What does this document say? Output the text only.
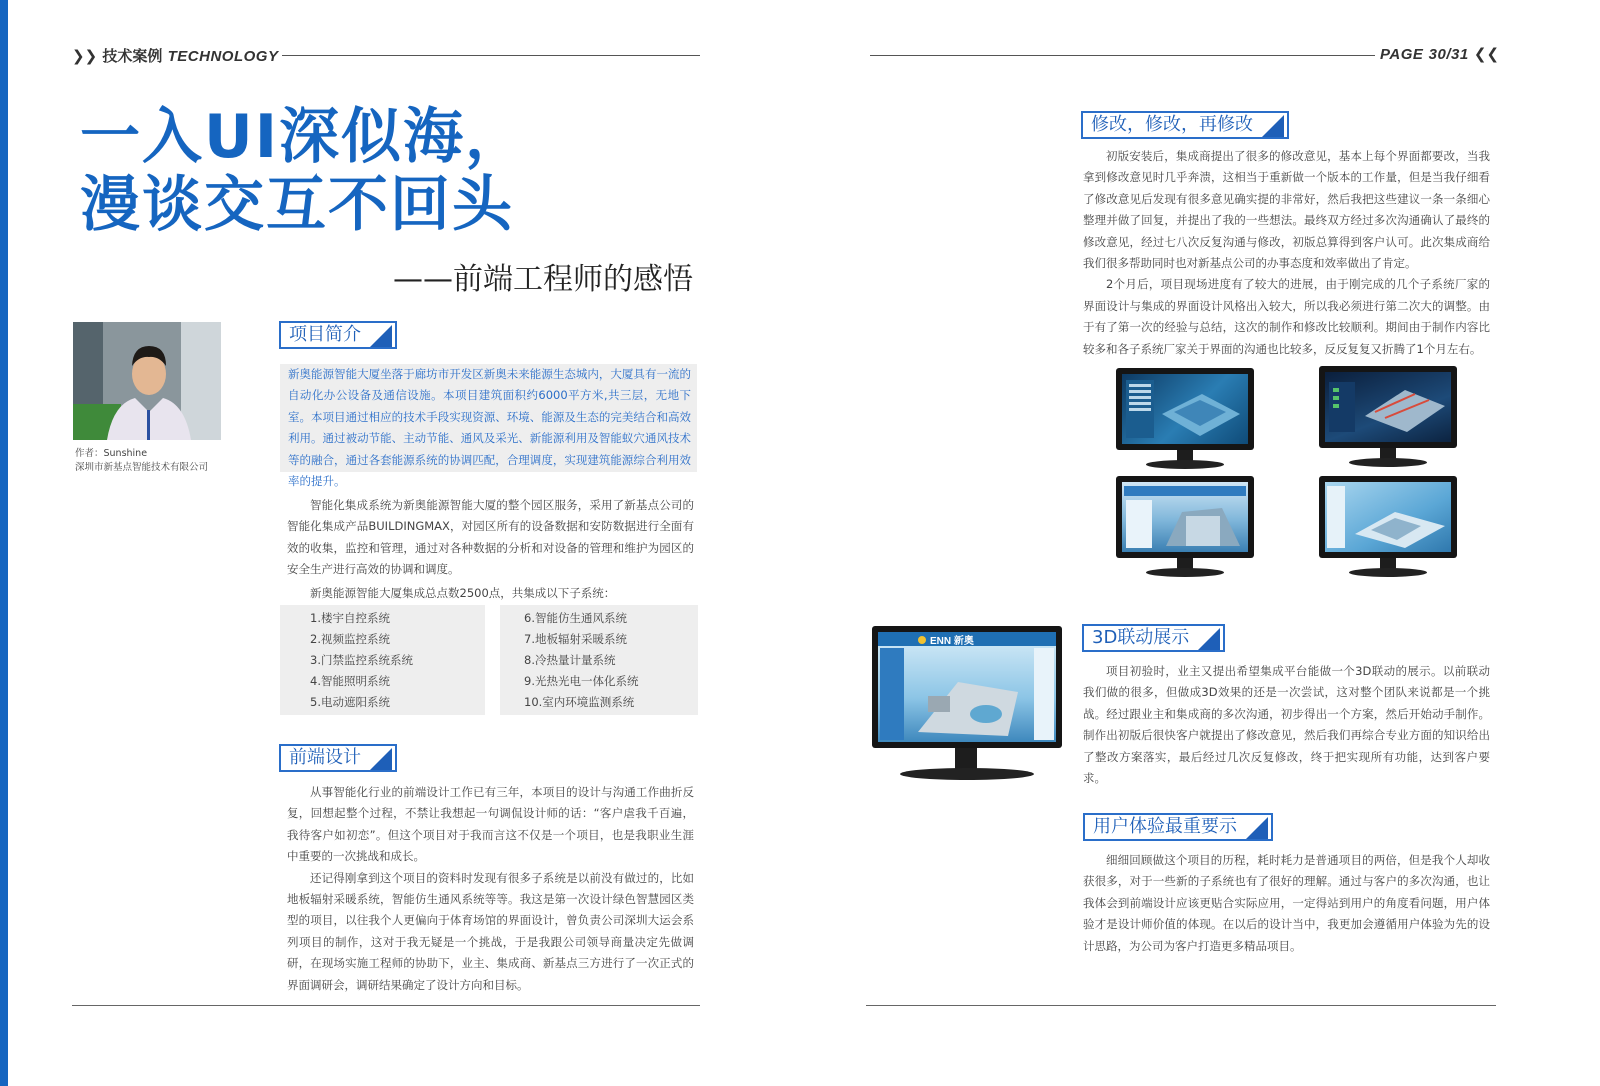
❯❯ 技术案例 TECHNOLOGY	PAGE 30/31 ❮❮
一入UI深似海，
漫谈交互不回头
——前端工程师的感悟
作者：Sunshine
深圳市新基点智能技术有限公司
项目简介
新奥能源智能大厦坐落于廊坊市开发区新奥未来能源生态城内，大厦具有一流的自动化办公设备及通信设施。本项目建筑面积约6000平方米,共三层，无地下室。本项目通过相应的技术手段实现资源、环境、能源及生态的完美结合和高效利用。通过被动节能、主动节能、通风及采光、新能源利用及智能蚁穴通风技术等的融合，通过各套能源系统的协调匹配，合理调度，实现建筑能源综合利用效率的提升。

智能化集成系统为新奥能源智能大厦的整个园区服务，采用了新基点公司的智能化集成产品BUILDINGMAX，对园区所有的设备数据和安防数据进行全面有效的收集，监控和管理，通过对各种数据的分析和对设备的管理和维护为园区的安全生产进行高效的协调和调度。

新奥能源智能大厦集成总点数2500点，共集成以下子系统：

1.楼宇自控系统
2.视频监控系统
3.门禁监控系统系统
4.智能照明系统
5.电动遮阳系统
6.智能仿生通风系统
7.地板辐射采暖系统
8.冷热量计量系统
9.光热光电一体化系统
10.室内环境监测系统
前端设计

从事智能化行业的前端设计工作已有三年，本项目的设计与沟通工作曲折反复，回想起整个过程，不禁让我想起一句调侃设计师的话：“客户虐我千百遍，我待客户如初恋”。但这个项目对于我而言这不仅是一个项目，也是我职业生涯中重要的一次挑战和成长。

还记得刚拿到这个项目的资料时发现有很多子系统是以前没有做过的，比如地板辐射采暖系统，智能仿生通风系统等等。我这是第一次设计绿色智慧园区类型的项目，以往我个人更偏向于体育场馆的界面设计，曾负责公司深圳大运会系列项目的制作，这对于我无疑是一个挑战，于是我跟公司领导商量决定先做调研，在现场实施工程师的协助下，业主、集成商、新基点三方进行了一次正式的界面调研会，调研结果确定了设计方向和目标。

修改，修改，再修改

初版安装后，集成商提出了很多的修改意见，基本上每个界面都要改，当我拿到修改意见时几乎奔溃，这相当于重新做一个版本的工作量，但是当我仔细看了修改意见后发现有很多意见确实提的非常好，然后我把这些建议一条一条细心整理并做了回复，并提出了我的一些想法。最终双方经过多次沟通确认了最终的修改意见，经过七八次反复沟通与修改，初版总算得到客户认可。此次集成商给我们很多帮助同时也对新基点公司的办事态度和效率做出了肯定。

2个月后，项目现场进度有了较大的进展，由于刚完成的几个子系统厂家的界面设计与集成的界面设计风格出入较大，所以我必须进行第二次大的调整。由于有了第一次的经验与总结，这次的制作和修改比较顺利。期间由于制作内容比较多和各子系统厂家关于界面的沟通也比较多，反反复复又折腾了1个月左右。

ENN 新奥	3D联动展示

项目初验时，业主又提出希望集成平台能做一个3D联动的展示。以前联动我们做的很多，但做成3D效果的还是一次尝试，这对整个团队来说都是一个挑战。经过跟业主和集成商的多次沟通，初步得出一个方案，然后开始动手制作。制作出初版后很快客户就提出了修改意见，然后我们再综合专业方面的知识给出了整改方案落实，最后经过几次反复修改，终于把实现所有功能，达到客户要求。

用户体验最重要示

细细回顾做这个项目的历程，耗时耗力是普通项目的两倍，但是我个人却收获很多，对于一些新的子系统也有了很好的理解。通过与客户的多次沟通，也让我体会到前端设计应该更贴合实际应用，一定得站到用户的角度看问题，用户体验才是设计师价值的体现。在以后的设计当中，我更加会遵循用户体验为先的设计思路，为公司为客户打造更多精品项目。
